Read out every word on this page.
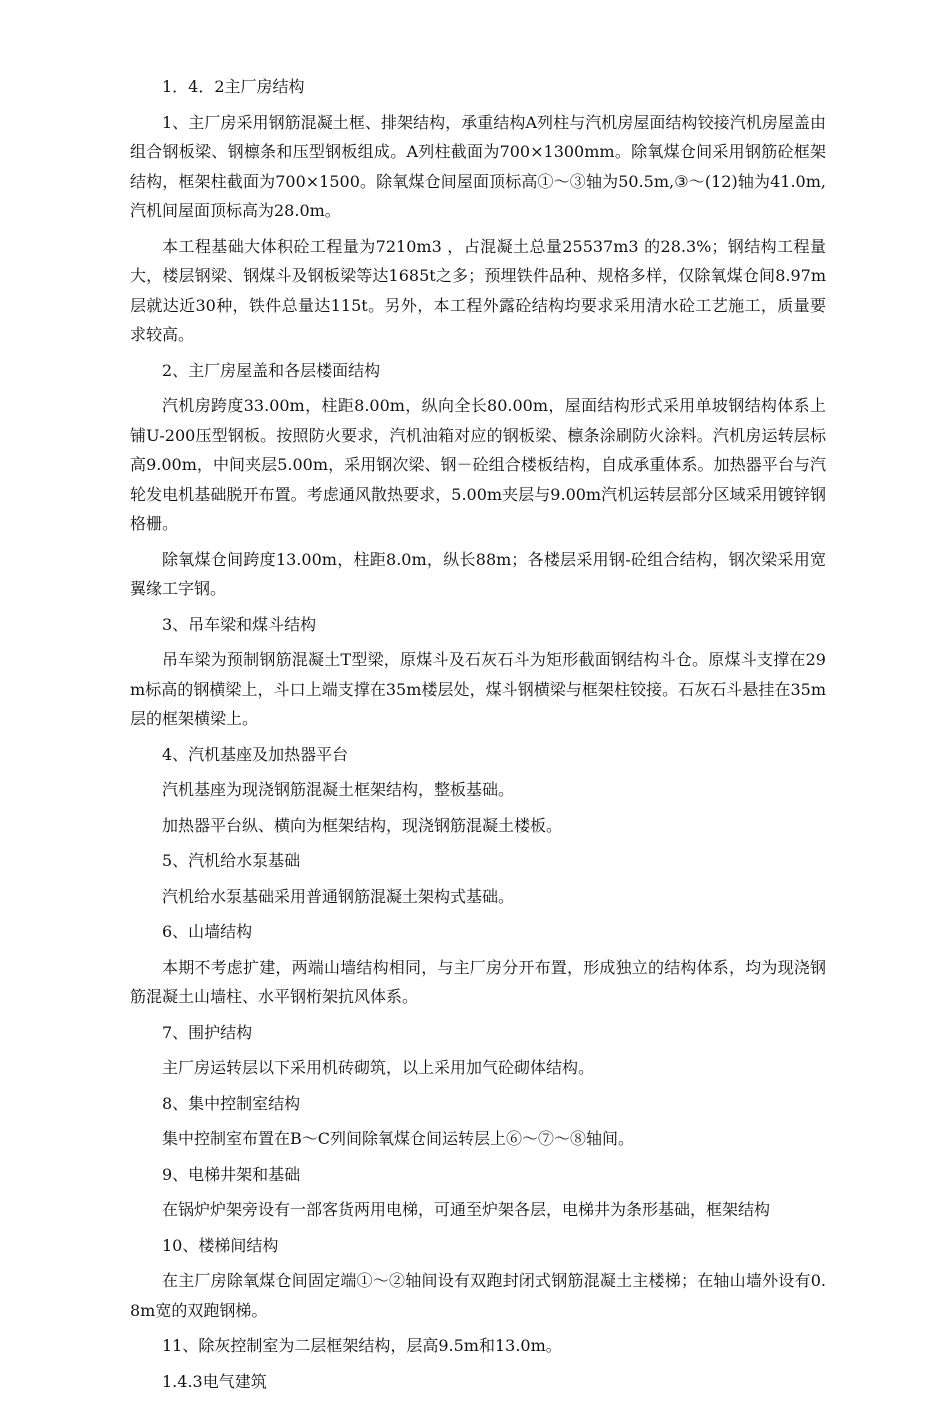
1．4．2主厂房结构

1、主厂房采用钢筋混凝土框、排架结构，承重结构A列柱与汽机房屋面结构铰接汽机房屋盖由组合钢板梁、钢檩条和压型钢板组成。A列柱截面为700×1300mm。除氧煤仓间采用钢筋砼框架结构，框架柱截面为700×1500。除氧煤仓间屋面顶标高①～③轴为50.5m,③～(12)轴为41.0m,汽机间屋面顶标高为28.0m。

本工程基础大体积砼工程量为7210m3 ，占混凝土总量25537m3 的28.3%；钢结构工程量大，楼层钢梁、钢煤斗及钢板梁等达1685t之多；预埋铁件品种、规格多样，仅除氧煤仓间8.97m层就达近30种，铁件总量达115t。另外，本工程外露砼结构均要求采用清水砼工艺施工，质量要求较高。

2、主厂房屋盖和各层楼面结构

汽机房跨度33.00m，柱距8.00m，纵向全长80.00m，屋面结构形式采用单坡钢结构体系上铺U-200压型钢板。按照防火要求，汽机油箱对应的钢板梁、檩条涂刷防火涂料。汽机房运转层标高9.00m，中间夹层5.00m，采用钢次梁、钢－砼组合楼板结构，自成承重体系。加热器平台与汽轮发电机基础脱开布置。考虑通风散热要求，5.00m夹层与9.00m汽机运转层部分区域采用镀锌钢格栅。

除氧煤仓间跨度13.00m，柱距8.0m，纵长88m；各楼层采用钢-砼组合结构，钢次梁采用宽翼缘工字钢。

3、吊车梁和煤斗结构

吊车梁为预制钢筋混凝土T型梁，原煤斗及石灰石斗为矩形截面钢结构斗仓。原煤斗支撑在29m标高的钢横梁上，斗口上端支撑在35m楼层处，煤斗钢横梁与框架柱铰接。石灰石斗悬挂在35m层的框架横梁上。

4、汽机基座及加热器平台

汽机基座为现浇钢筋混凝土框架结构，整板基础。

加热器平台纵、横向为框架结构，现浇钢筋混凝土楼板。

5、汽机给水泵基础

汽机给水泵基础采用普通钢筋混凝土架构式基础。

6、山墙结构

本期不考虑扩建，两端山墙结构相同，与主厂房分开布置，形成独立的结构体系，均为现浇钢筋混凝土山墙柱、水平钢桁架抗风体系。

7、围护结构

主厂房运转层以下采用机砖砌筑，以上采用加气砼砌体结构。

8、集中控制室结构

集中控制室布置在B～C列间除氧煤仓间运转层上⑥～⑦～⑧轴间。

9、电梯井架和基础

在锅炉炉架旁设有一部客货两用电梯，可通至炉架各层，电梯井为条形基础，框架结构

10、楼梯间结构

在主厂房除氧煤仓间固定端①～②轴间设有双跑封闭式钢筋混凝土主楼梯；在轴山墙外设有0.8m宽的双跑钢梯。

11、除灰控制室为二层框架结构，层高9.5m和13.0m。

1.4.3电气建筑
